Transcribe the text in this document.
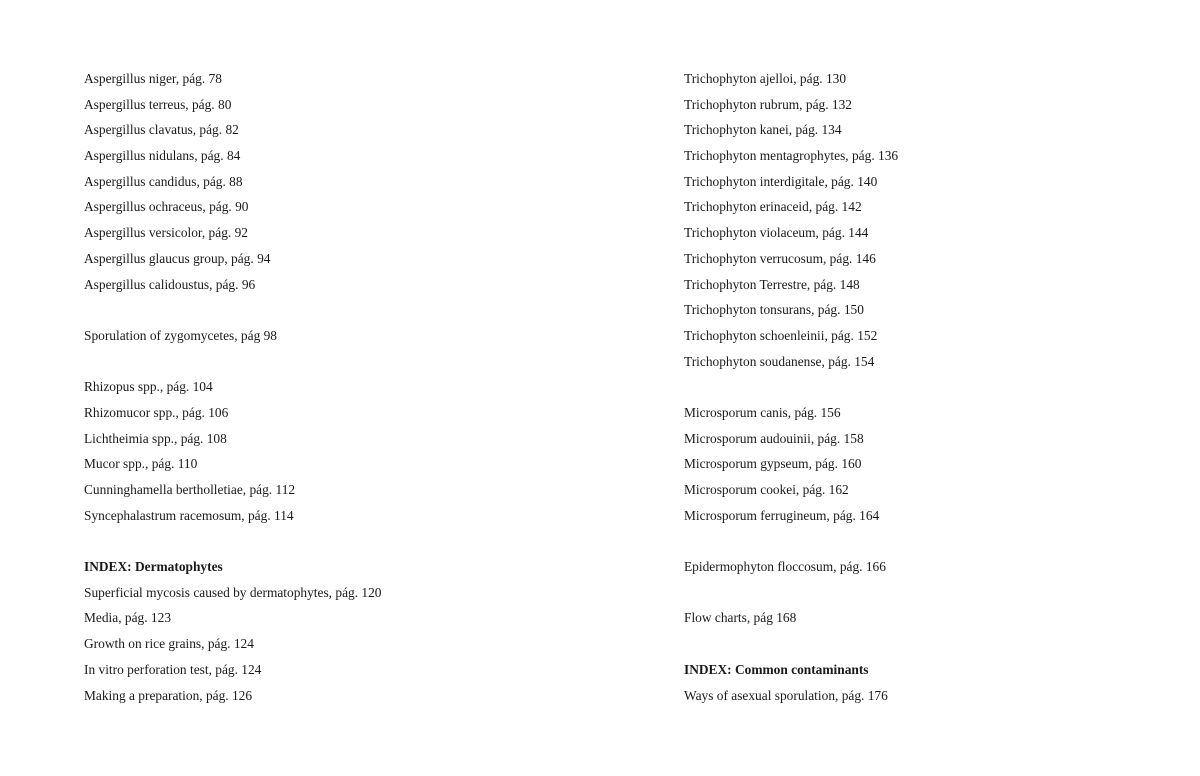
Aspergillus niger, pág. 78
Aspergillus terreus, pág. 80
Aspergillus clavatus, pág. 82
Aspergillus nidulans, pág. 84
Aspergillus candidus, pág. 88
Aspergillus ochraceus, pág. 90
Aspergillus versicolor, pág. 92
Aspergillus glaucus group, pág. 94
Aspergillus calidoustus, pág. 96
Sporulation of zygomycetes, pág 98
Rhizopus spp., pág. 104
Rhizomucor spp., pág. 106
Lichtheimia spp., pág. 108
Mucor spp., pág. 110
Cunninghamella bertholletiae, pág. 112
Syncephalastrum racemosum, pág. 114
INDEX: Dermatophytes
Superficial mycosis caused by dermatophytes, pág. 120
Media, pág. 123
Growth on rice grains, pág. 124
In vitro perforation test, pág. 124
Making a preparation, pág. 126
Trichophyton ajelloi, pág. 130
Trichophyton rubrum, pág. 132
Trichophyton kanei, pág. 134
Trichophyton mentagrophytes, pág. 136
Trichophyton interdigitale, pág. 140
Trichophyton erinaceid, pág. 142
Trichophyton violaceum, pág. 144
Trichophyton verrucosum, pág. 146
Trichophyton Terrestre, pág. 148
Trichophyton tonsurans, pág. 150
Trichophyton schoenleinii, pág. 152
Trichophyton soudanense, pág. 154
Microsporum canis, pág. 156
Microsporum audouinii, pág. 158
Microsporum gypseum, pág. 160
Microsporum cookei, pág. 162
Microsporum ferrugineum, pág. 164
Epidermophyton floccosum, pág. 166
Flow charts, pág 168
INDEX: Common contaminants
Ways of asexual sporulation, pág. 176
